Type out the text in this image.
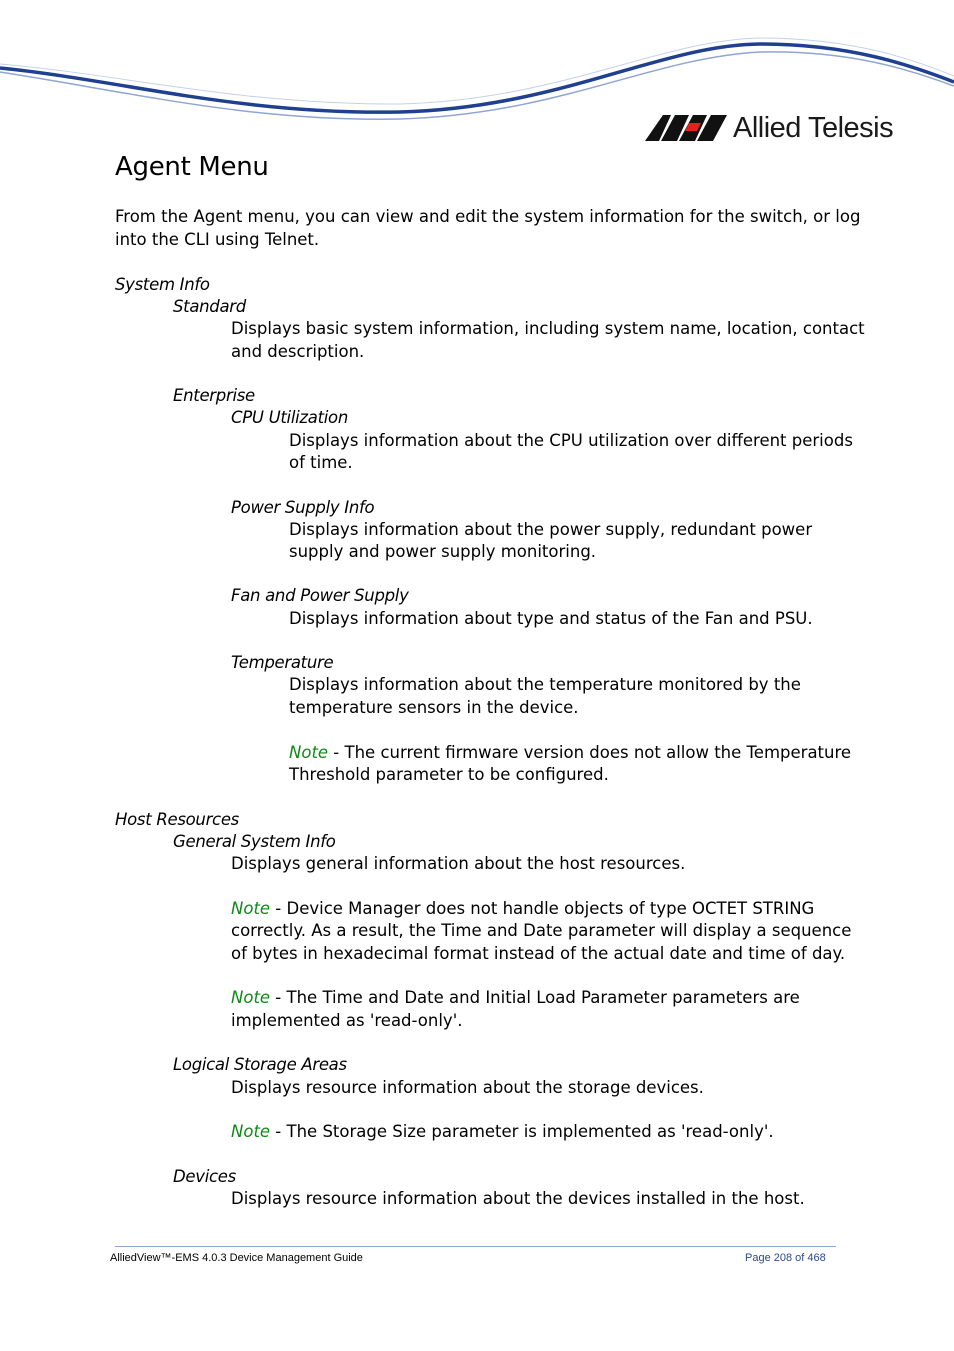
Allied Telesis
Agent Menu
From the Agent menu, you can view and edit the system information for the switch, or log
into the CLI using Telnet.
System Info
Standard
Displays basic system information, including system name, location, contact
and description.
Enterprise
CPU Utilization
Displays information about the CPU utilization over different periods
of time.
Power Supply Info
Displays information about the power supply, redundant power
supply and power supply monitoring.
Fan and Power Supply
Displays information about type and status of the Fan and PSU.
Temperature
Displays information about the temperature monitored by the
temperature sensors in the device.
Note - The current firmware version does not allow the Temperature
Threshold parameter to be configured.
Host Resources
General System Info
Displays general information about the host resources.
Note - Device Manager does not handle objects of type OCTET STRING
correctly. As a result, the Time and Date parameter will display a sequence
of bytes in hexadecimal format instead of the actual date and time of day.
Note - The Time and Date and Initial Load Parameter parameters are
implemented as 'read-only'.
Logical Storage Areas
Displays resource information about the storage devices.
Note - The Storage Size parameter is implemented as 'read-only'.
Devices
Displays resource information about the devices installed in the host.
AlliedView™-EMS 4.0.3 Device Management Guide	Page 208 of 468
